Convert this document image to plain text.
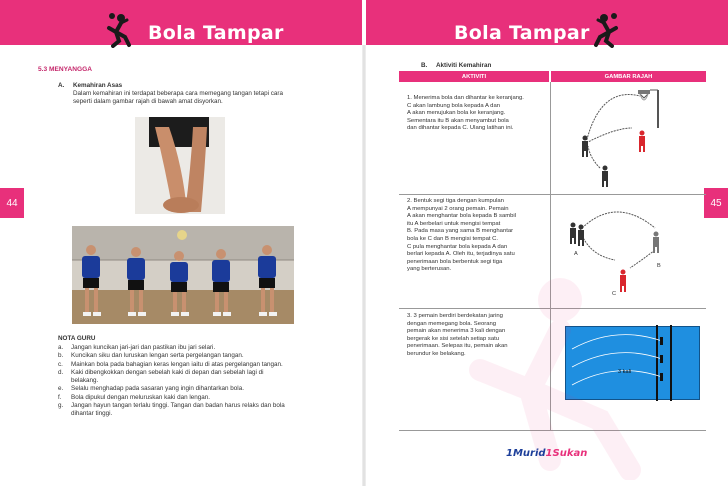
Bola Tampar	Bola Tampar
44	45
5.3 MENYANGGA
A. Kemahiran Asas
Dalam kemahiran ini terdapat beberapa cara memegang tangan tetapi cara
seperti dalam gambar rajah di bawah amat disyorkan.
NOTA GURU
a. Jangan kuncikan jari-jari dan pastikan ibu jari selari.
b. Kuncikan siku dan luruskan lengan serta pergelangan tangan.
c. Mainkan bola pada bahagian keras lengan iaitu di atas pergelangan tangan.
d. Kaki dibengkokkan dengan sebelah kaki di depan dan sebelah lagi di
belakang.
e. Selalu menghadap pada sasaran yang ingin dihantarkan bola.
f. Bola dipukul dengan meluruskan kaki dan lengan.
g. Jangan hayun tangan terlalu tinggi. Tangan dan badan harus relaks dan bola
dihantar tinggi.
B. Aktiviti Kemahiran
AKTIVITI	GAMBAR RAJAH
1. Menerima bola dan dihantar ke keranjang.
C akan lambung bola kepada A dan
A akan menujukan bola ke keranjang.
Sementara itu B akan menyambut bola
dan dihantar kepada C. Ulang latihan ini.
2. Bentuk segi tiga dengan kumpulan
A mempunyai 2 orang pemain. Pemain
A akan menghantar bola kepada B sambil
itu A berbelari untuk mengisi tempat
B. Pada masa yang sama B menghantar
bola ke C dan B mengisi tempat C.
C pula menghantar bola kepada A dan
berlari kepada A. Oleh itu, terjadinya satu
penerimaan bola berbentuk segi tiga
yang berterusan.
3. 3 pemain berdiri berdekatan jaring
dengan memegang bola. Seorang
pemain akan menerima 3 kali dengan
bergerak ke sisi setelah setiap satu
penerimaan. Selepas itu, pemain akan
berundur ke belakang.
A
B
C
3 kali
1Murid1Sukan
